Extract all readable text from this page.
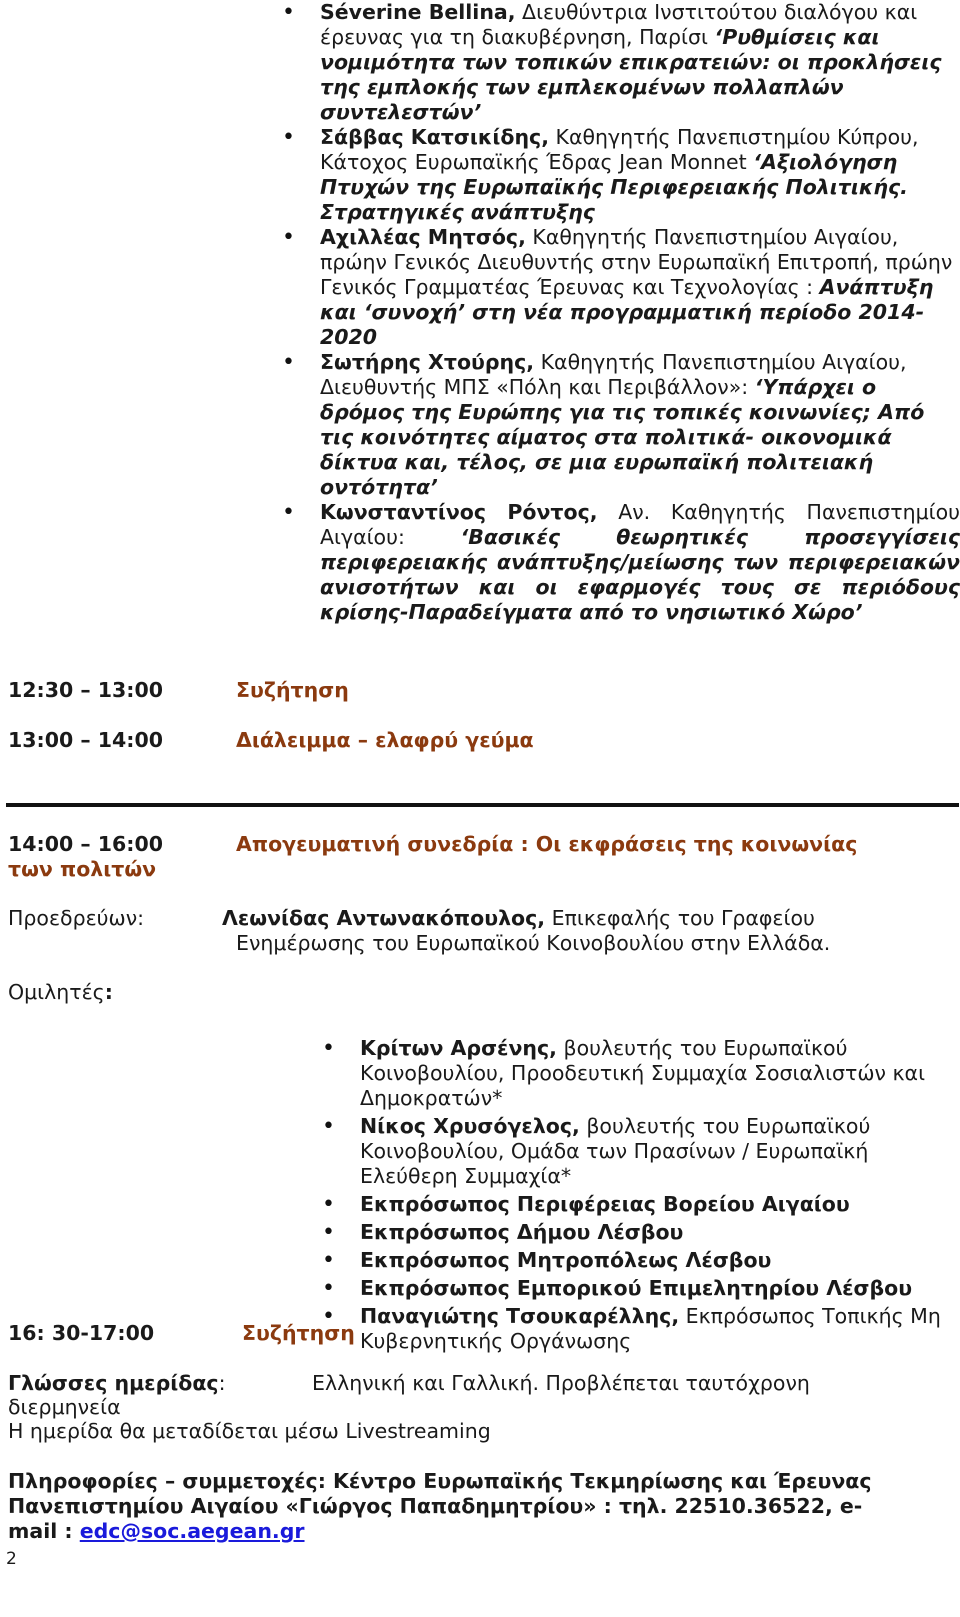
• Séverine Bellina, Διευθύντρια Ινστιτούτου διαλόγου και έρευνας για τη διακυβέρνηση, Παρίσι ‘Ρυθμίσεις και νομιμότητα των τοπικών επικρατειών: οι προκλήσεις της εμπλοκής των εμπλεκομένων πολλαπλών συντελεστών’
• Σάββας Κατσικίδης, Καθηγητής Πανεπιστημίου Κύπρου, Κάτοχος Ευρωπαϊκής Έδρας Jean Monnet ‘Αξιολόγηση Πτυχών της Ευρωπαϊκής Περιφερειακής Πολιτικής. Στρατηγικές ανάπτυξης
• Αχιλλέας Μητσός, Καθηγητής Πανεπιστημίου Αιγαίου, πρώην Γενικός Διευθυντής στην Ευρωπαϊκή Επιτροπή, πρώην Γενικός Γραμματέας Έρευνας και Τεχνολογίας : Ανάπτυξη και ‘συνοχή’ στη νέα προγραμματική περίοδο 2014-2020
• Σωτήρης Χτούρης, Καθηγητής Πανεπιστημίου Αιγαίου, Διευθυντής ΜΠΣ «Πόλη και Περιβάλλον»: ‘Υπάρχει ο δρόμος της Ευρώπης για τις τοπικές κοινωνίες; Από τις κοινότητες αίματος στα πολιτικά- οικονομικά δίκτυα και, τέλος, σε μια ευρωπαϊκή πολιτειακή οντότητα’
• Κωνσταντίνος Ρόντος, Αν. Καθηγητής Πανεπιστημίου Αιγαίου: ‘Βασικές θεωρητικές προσεγγίσεις περιφερειακής ανάπτυξης/μείωσης των περιφερειακών ανισοτήτων και οι εφαρμογές τους σε περιόδους κρίσης-Παραδείγματα από το νησιωτικό Χώρο’
12:30 – 13:00	Συζήτηση
13:00 – 14:00	Διάλειμμα – ελαφρύ γεύμα
14:00 – 16:00	Απογευματινή συνεδρία : Οι εκφράσεις της κοινωνίας
των πολιτών
Προεδρεύων:	Λεωνίδας Αντωνακόπουλος, Επικεφαλής του Γραφείου
Ενημέρωσης του Ευρωπαϊκού Κοινοβουλίου στην Ελλάδα.
Ομιλητές:
• Κρίτων Αρσένης, βουλευτής του Ευρωπαϊκού Κοινοβουλίου, Προοδευτική Συμμαχία Σοσιαλιστών και Δημοκρατών*
• Νίκος Χρυσόγελος, βουλευτής του Ευρωπαϊκού Κοινοβουλίου, Ομάδα των Πρασίνων / Ευρωπαϊκή Ελεύθερη Συμμαχία*
• Εκπρόσωπος Περιφέρειας Βορείου Αιγαίου
• Εκπρόσωπος Δήμου Λέσβου
• Εκπρόσωπος Μητροπόλεως Λέσβου
• Εκπρόσωπος Εμπορικού Επιμελητηρίου Λέσβου
• Παναγιώτης Τσουκαρέλλης, Εκπρόσωπος Τοπικής Μη Κυβερνητικής Οργάνωσης
16: 30-17:00	Συζήτηση
Γλώσσες ημερίδας:	Ελληνική και Γαλλική. Προβλέπεται ταυτόχρονη
διερμηνεία
Η ημερίδα θα μεταδίδεται μέσω Livestreaming
Πληροφορίες – συμμετοχές: Κέντρο Ευρωπαϊκής Τεκμηρίωσης και Έρευνας
Πανεπιστημίου Αιγαίου «Γιώργος Παπαδημητρίου» : τηλ. 22510.36522, e-
mail : edc@soc.aegean.gr
2
